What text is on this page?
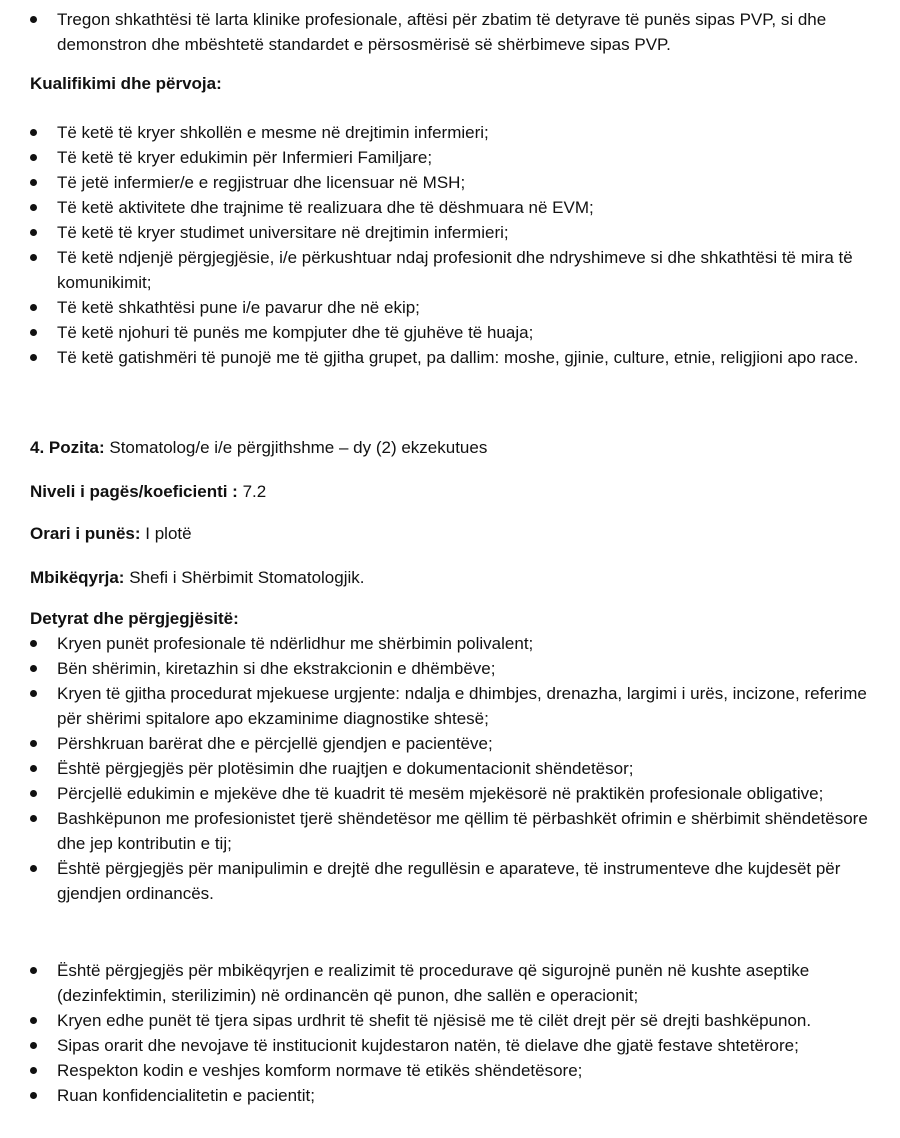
Tregon shkathtësi të larta klinike profesionale, aftësi për zbatim të detyrave të punës sipas PVP, si dhe demonstron dhe mbështetë standardet e përsosmërisë së shërbimeve sipas PVP.
Kualifikimi dhe përvoja:
Të ketë të kryer shkollën e mesme në drejtimin infermieri;
Të ketë të kryer edukimin për Infermieri Familjare;
Të jetë infermier/e e regjistruar dhe licensuar në MSH;
Të ketë aktivitete dhe trajnime të realizuara dhe të dëshmuara në EVM;
Të ketë të kryer studimet universitare në drejtimin infermieri;
Të ketë ndjenjë përgjegjësie, i/e përkushtuar ndaj profesionit dhe ndryshimeve si dhe shkathtësi të mira të komunikimit;
Të ketë shkathtësi pune i/e pavarur dhe në ekip;
Të ketë njohuri të punës me kompjuter dhe të gjuhëve të huaja;
Të ketë gatishmëri të punojë me të gjitha grupet, pa dallim: moshe, gjinie, culture, etnie, religjioni apo race.
4. Pozita: Stomatolog/e i/e përgjithshme – dy (2) ekzekutues
Niveli i pagës/koeficienti : 7.2
Orari i punës: I plotë
Mbikëqyrja: Shefi i Shërbimit Stomatologjik.
Detyrat dhe përgjegjësitë:
Kryen punët profesionale të ndërlidhur me shërbimin polivalent;
Bën shërimin, kiretazhin si dhe ekstrakcionin e dhëmbëve;
Kryen të gjitha procedurat mjekuese urgjente: ndalja e dhimbjes, drenazha, largimi i urës, incizone, referime për shërimi spitalore apo ekzaminime diagnostike shtesë;
Përshkruan barërat dhe e përcjellë gjendjen e pacientëve;
Është përgjegjës për plotësimin dhe ruajtjen e dokumentacionit shëndetësor;
Përcjellë edukimin e mjekëve dhe të kuadrit të mesëm mjekësorë në praktikën profesionale obligative;
Bashkëpunon me profesionistet tjerë shëndetësor me qëllim të përbashkët ofrimin e shërbimit shëndetësore dhe jep kontributin e tij;
Është përgjegjës për manipulimin e drejtë dhe regullësin e aparateve, të instrumenteve dhe kujdesët për gjendjen ordinancës.
Është përgjegjës për mbikëqyrjen e realizimit të procedurave që sigurojnë punën në kushte aseptike (dezinfektimin, sterilizimin) në ordinancën që punon, dhe sallën e operacionit;
Kryen edhe punët të tjera sipas urdhrit të shefit të njësisë me të cilët drejt për së drejti bashkëpunon.
Sipas orarit dhe nevojave të institucionit kujdestaron natën, të dielave dhe gjatë festave shtetërore;
Respekton kodin e veshjes komform normave të etikës shëndetësore;
Ruan konfidencialitetin e pacientit;
